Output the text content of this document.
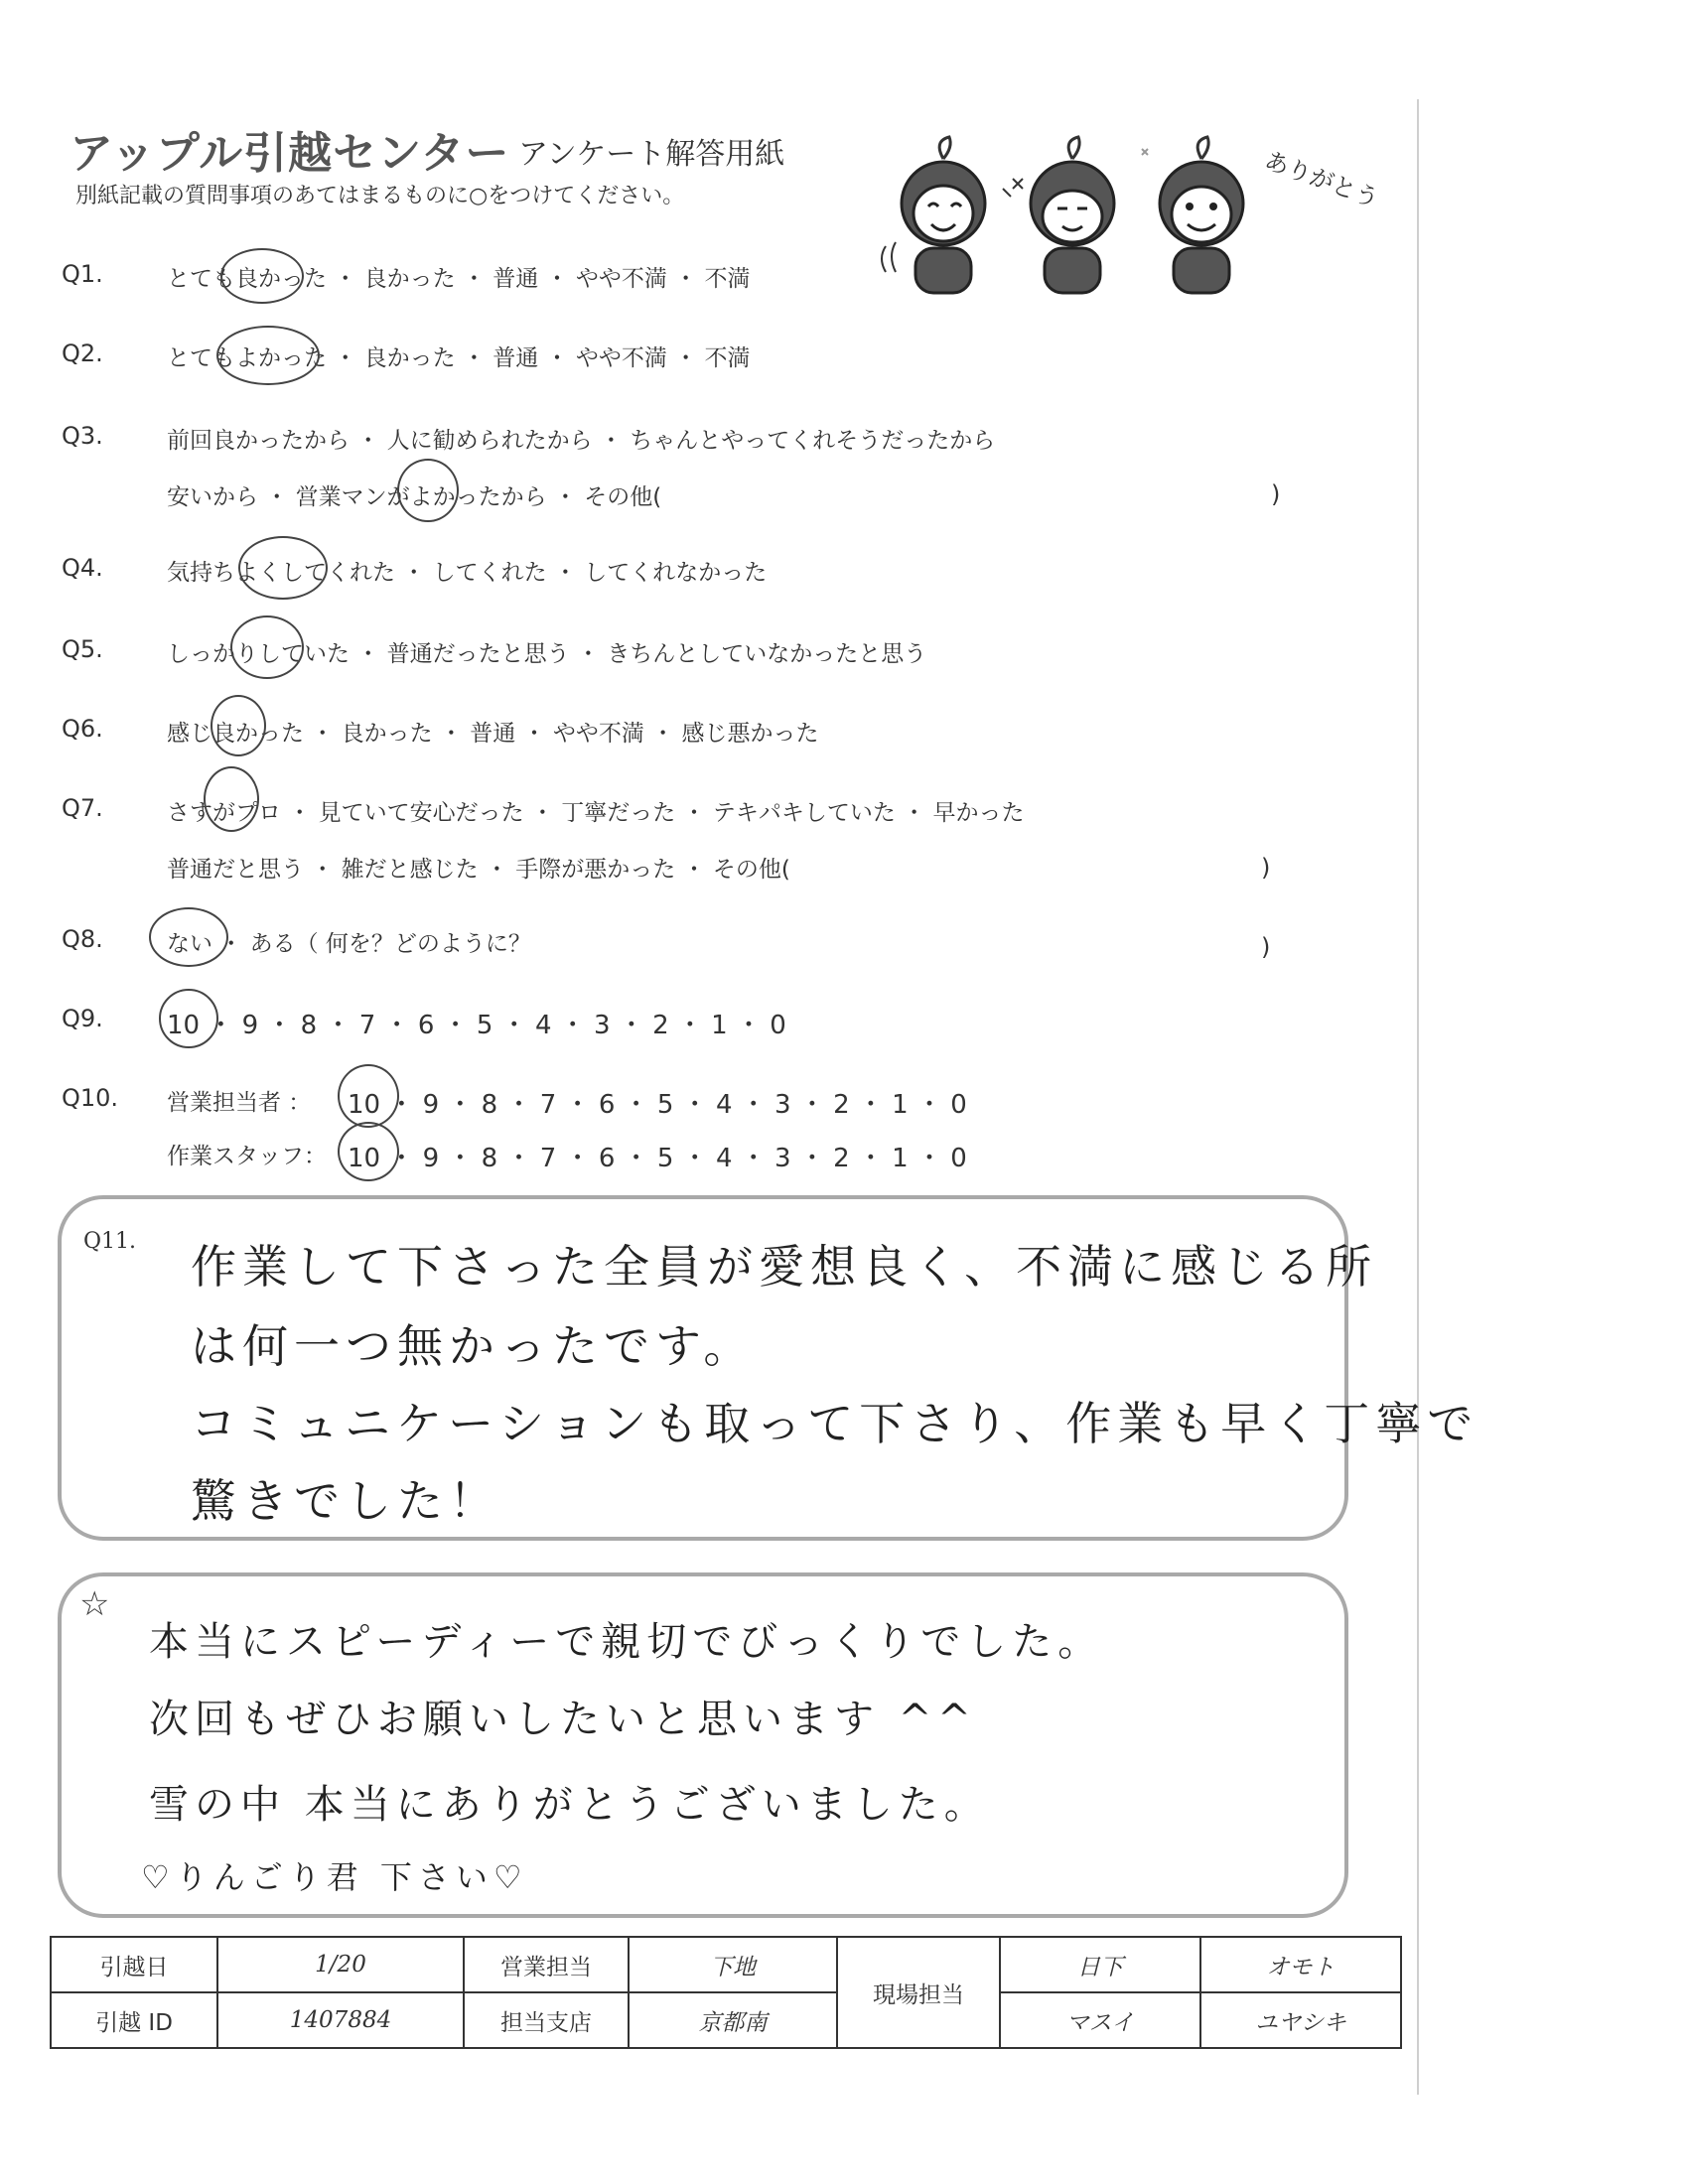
アップル引越センター アンケート解答用紙
別紙記載の質問事項のあてはまるものに○をつけてください。	ありがとう
Q1.	とても良かった ・ 良かった ・ 普通 ・ やや不満 ・ 不満
Q2.	とてもよかった ・ 良かった ・ 普通 ・ やや不満 ・ 不満
Q3.	前回良かったから ・ 人に勧められたから ・ ちゃんとやってくれそうだったから
安いから ・ 営業マンがよかったから ・ その他(	)
Q4.	気持ちよくしてくれた ・ してくれた ・ してくれなかった
Q5.	しっかりしていた ・ 普通だったと思う ・ きちんとしていなかったと思う
Q6.	感じ良かった ・ 良かった ・ 普通 ・ やや不満 ・ 感じ悪かった
Q7.	さすがプロ ・ 見ていて安心だった ・ 丁寧だった ・ テキパキしていた ・ 早かった
普通だと思う ・ 雑だと感じた ・ 手際が悪かった ・ その他(	)
Q8.	ない ・ ある（ 何を？どのように？	)
Q9. 10 ・ 9 ・ 8 ・ 7 ・ 6 ・ 5 ・ 4 ・ 3 ・ 2 ・ 1 ・ 0
Q10. 営業担当者 ： 10 ・ 9 ・ 8 ・ 7 ・ 6 ・ 5 ・ 4 ・ 3 ・ 2 ・ 1 ・ 0
作業スタッフ： 10 ・ 9 ・ 8 ・ 7 ・ 6 ・ 5 ・ 4 ・ 3 ・ 2 ・ 1 ・ 0
Q11. 作業して下さった全員が愛想良く、不満に感じる所
は何一つ無かったです。
コミュニケーションも取って下さり、作業も早く丁寧で
驚きでした！
☆
本当にスピーディーで親切でびっくりでした。
次回もぜひお願いしたいと思います ^^
雪の中 本当にありがとうございました。
♡りんごり君 下さい♡
引越日	1/20	営業担当	下地	現場担当	日下	オモト
引越 ID	1407884	担当支店	京都南		マスイ	ユヤシキ
